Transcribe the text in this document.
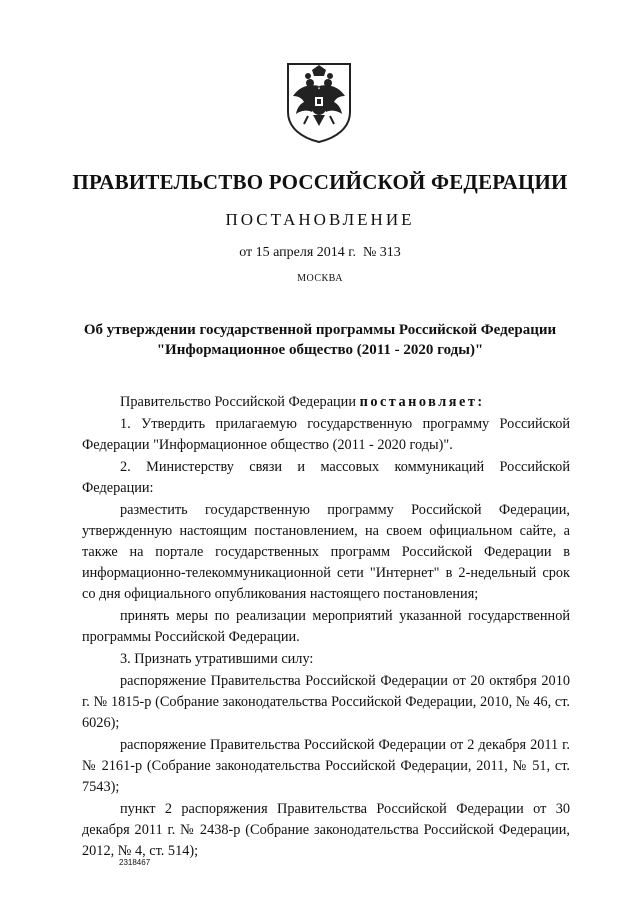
ПРАВИТЕЛЬСТВО РОССИЙСКОЙ ФЕДЕРАЦИИ
ПОСТАНОВЛЕНИЕ
от 15 апреля 2014 г.  № 313
МОСКВА
Об утверждении государственной программы Российской Федерации
"Информационное общество (2011 - 2020 годы)"

Правительство Российской Федерации постановляет:

1. Утвердить прилагаемую государственную программу Российской Федерации "Информационное общество (2011 - 2020 годы)".

2. Министерству связи и массовых коммуникаций Российской Федерации:

разместить государственную программу Российской Федерации, утвержденную настоящим постановлением, на своем официальном сайте, а также на портале государственных программ Российской Федерации в информационно-телекоммуникационной сети "Интернет" в 2-недельный срок со дня официального опубликования настоящего постановления;

принять меры по реализации мероприятий указанной государственной программы Российской Федерации.

3. Признать утратившими силу:

распоряжение Правительства Российской Федерации от 20 октября 2010 г. № 1815-р (Собрание законодательства Российской Федерации, 2010, № 46, ст. 6026);

распоряжение Правительства Российской Федерации от 2 декабря 2011 г. № 2161-р (Собрание законодательства Российской Федерации, 2011, № 51, ст. 7543);

пункт 2 распоряжения Правительства Российской Федерации от 30 декабря 2011 г. № 2438-р (Собрание законодательства Российской Федерации, 2012, № 4, ст. 514);

2318467
